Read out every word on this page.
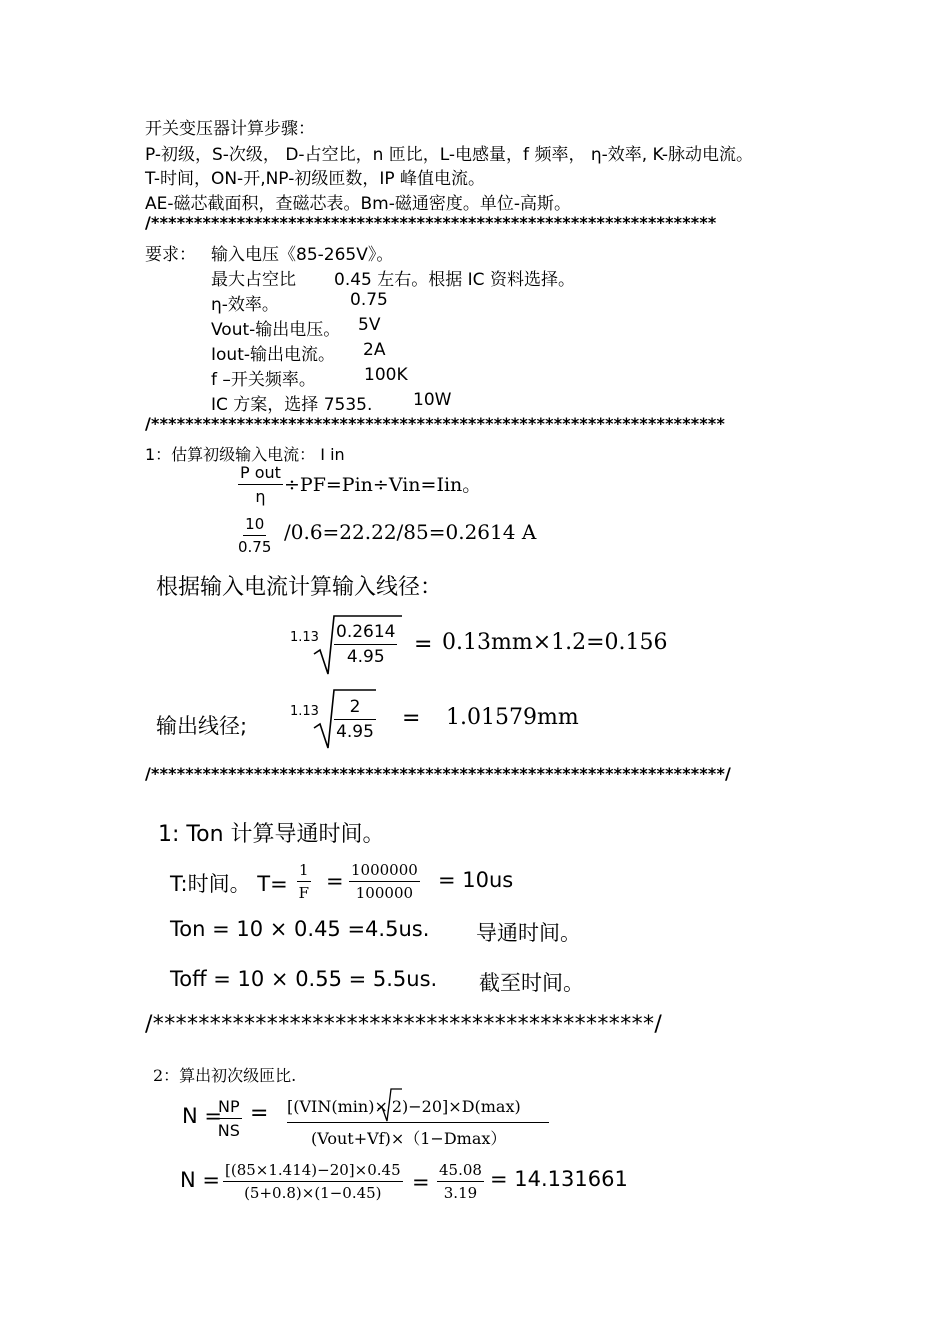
开关变压器计算步骤：
P-初级，S-次级， D-占空比，n 匝比，L-电感量，f 频率， η-效率, K-脉动电流。
T-时间，ON-开,NP-初级匝数，IP 峰值电流。
AE-磁芯截面积，查磁芯表。Bm-磁通密度。单位-高斯。
/******************************************************************
要求： 输入电压《85-265V》。
最大占空比 0.45 左右。根据 IC 资料选择。
η-效率。	0.75
Vout-输出电压。 5V
Iout-输出电流。 2A
f –开关频率。	100K
IC 方案，选择 7535. 10W
/*******************************************************************
1：估算初级输入电流： I in
P out
η
÷PF=Pin÷Vin=Iin。
$\frac{10}{0.75} /0.6=22.22/85=0.2614$ A
根据输入电流计算输入线径：
$1.13 \frac{0.2614}{4.95} = 0.13mm\times 1.2=0.156$
输出线径;
$1.13 \frac{2}{4.95} = 1.01579mm$
/*******************************************************************/
1: Ton 计算导通时间。
T:时间。 $T= \frac{1}{F} = \frac{1000000}{100000} = 10us$
Ton = 10 × 0.45 =4.5us. 导通时间。
Toff = 10 × 0.55 = 5.5us. 截至时间。
/********************************************/
2：算出初次级匝比.
N =
$\frac{NP}{NS} = [(VIN(\min)\times 2$ )−20]×D(max)
(Vout+Vf)×（1−Dmax）
$N = \frac{[(85\times 1.414)-20]\times 0.45}{(5+0.8)\times(1-0.45)} = \frac{45.08}{3.19} = 14.131661$
